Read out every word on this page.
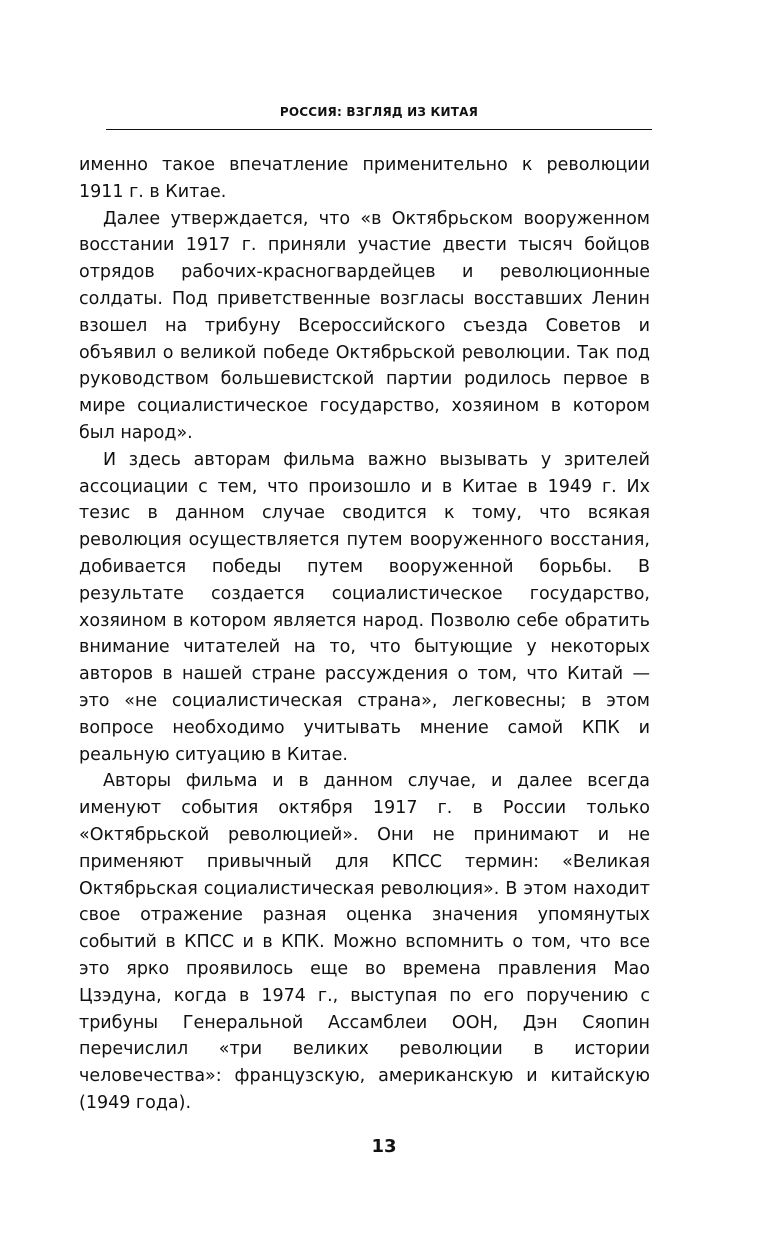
РОССИЯ: ВЗГЛЯД ИЗ КИТАЯ

именно такое впечатление применительно к революции 1911 г. в Китае.

Далее утверждается, что «в Октябрьском вооруженном восстании 1917 г. приняли участие двести тысяч бойцов отрядов рабочих-красногвардейцев и революционные солдаты. Под приветственные возгласы восставших Ленин взошел на трибуну Всероссийского съезда Советов и объявил о великой победе Октябрьской революции. Так под руководством большевистской партии родилось первое в мире социалистическое государство, хозяином в котором был народ».

И здесь авторам фильма важно вызывать у зрителей ассоциации с тем, что произошло и в Китае в 1949 г. Их тезис в данном случае сводится к тому, что всякая революция осуществляется путем вооруженного восстания, добивается победы путем вооруженной борьбы. В результате создается социалистическое государство, хозяином в котором является народ. Позволю себе обратить внимание читателей на то, что бытующие у некоторых авторов в нашей стране рассуждения о том, что Китай — это «не социалистическая страна», легковесны; в этом вопросе необходимо учитывать мнение самой КПК и реальную ситуацию в Китае.

Авторы фильма и в данном случае, и далее всегда именуют события октября 1917 г. в России только «Октябрьской революцией». Они не принимают и не применяют привычный для КПСС термин: «Великая Октябрьская социалистическая революция». В этом находит свое отражение разная оценка значения упомянутых событий в КПСС и в КПК. Можно вспомнить о том, что все это ярко проявилось еще во времена правления Мао Цзэдуна, когда в 1974 г., выступая по его поручению с трибуны Генеральной Ассамблеи ООН, Дэн Сяопин перечислил «три великих революции в истории человечества»: французскую, американскую и китайскую (1949 года).

13
